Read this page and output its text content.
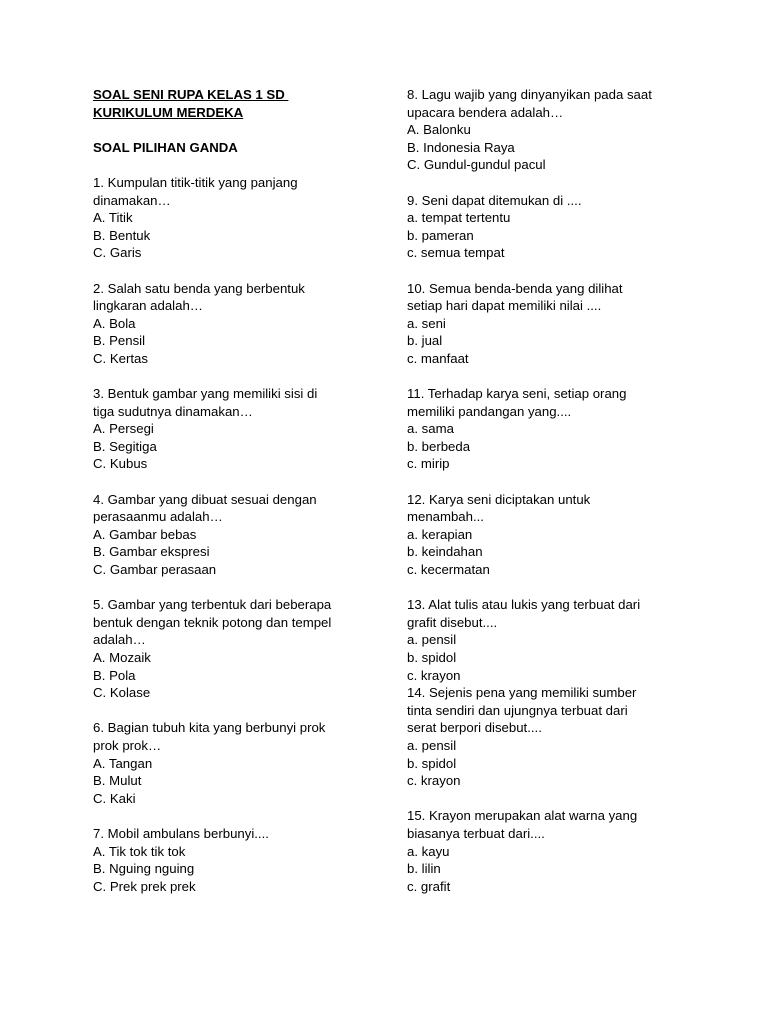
SOAL SENI RUPA KELAS 1 SD
KURIKULUM MERDEKA
SOAL PILIHAN GANDA
1. Kumpulan titik-titik yang panjang
dinamakan…
A. Titik
B. Bentuk
C. Garis
2. Salah satu benda yang berbentuk
lingkaran adalah…
A. Bola
B. Pensil
C. Kertas
3. Bentuk gambar yang memiliki sisi di
tiga sudutnya dinamakan…
A. Persegi
B. Segitiga
C. Kubus
4. Gambar yang dibuat sesuai dengan
perasaanmu adalah…
A. Gambar bebas
B. Gambar ekspresi
C. Gambar perasaan
5. Gambar yang terbentuk dari beberapa
bentuk dengan teknik potong dan tempel
adalah…
A. Mozaik
B. Pola
C. Kolase
6. Bagian tubuh kita yang berbunyi prok
prok prok…
A. Tangan
B. Mulut
C. Kaki
7. Mobil ambulans berbunyi....
A. Tik tok tik tok
B. Nguing nguing
C. Prek prek prek
8. Lagu wajib yang dinyanyikan pada saat
upacara bendera adalah…
A. Balonku
B. Indonesia Raya
C. Gundul-gundul pacul
9. Seni dapat ditemukan di ....
a. tempat tertentu
b. pameran
c. semua tempat
10. Semua benda-benda yang dilihat
setiap hari dapat memiliki nilai ....
a. seni
b. jual
c. manfaat
11. Terhadap karya seni, setiap orang
memiliki pandangan yang....
a. sama
b. berbeda
c. mirip
12. Karya seni diciptakan untuk
menambah...
a. kerapian
b. keindahan
c. kecermatan
13. Alat tulis atau lukis yang terbuat dari
grafit disebut....
a. pensil
b. spidol
c. krayon
14. Sejenis pena yang memiliki sumber
tinta sendiri dan ujungnya terbuat dari
serat berpori disebut....
a. pensil
b. spidol
c. krayon
15. Krayon merupakan alat warna yang
biasanya terbuat dari....
a. kayu
b. lilin
c. grafit
